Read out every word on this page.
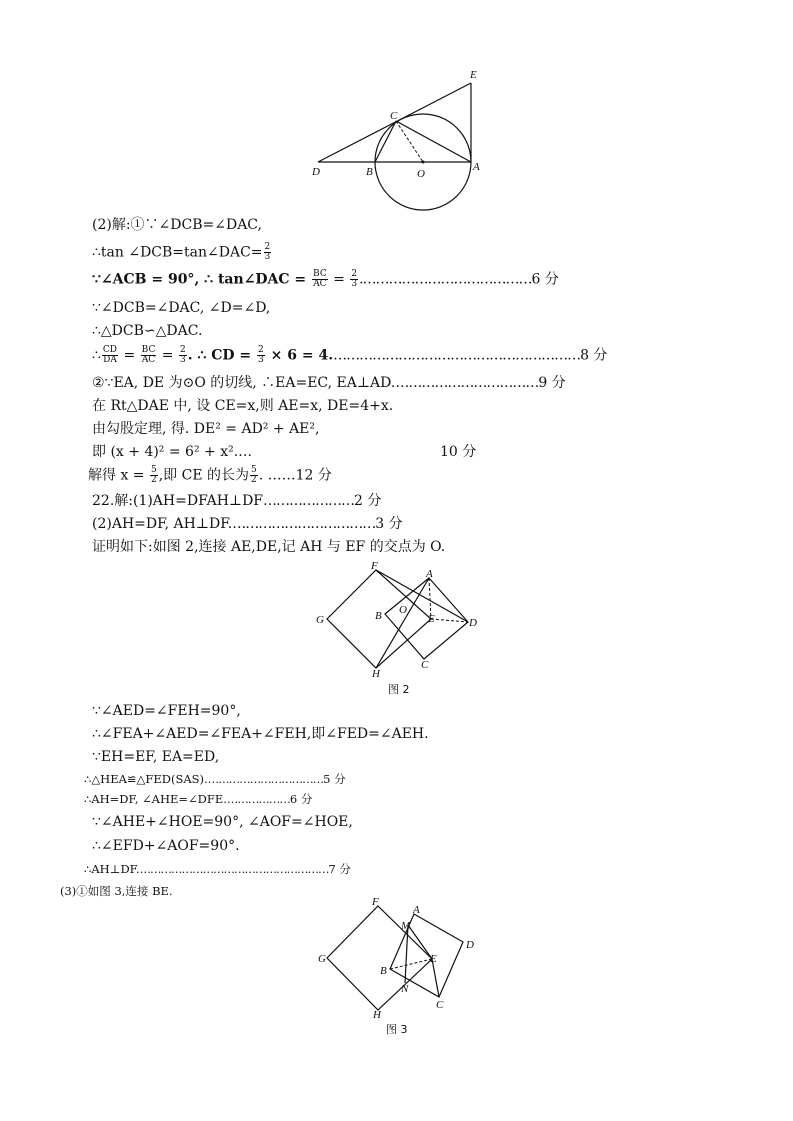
C
E
D	B	O
A
(2)解:①∵∠DCB=∠DAC,
∴tan ∠DCB=tan∠DAC= $\frac{2}{3}$
∵∠ACB = 90°, ∴ tan∠DAC = $\frac{BC}{AC} = \frac{2}{3}$ .…………………………………6 分
∵∠DCB=∠DAC, ∠D=∠D,
∴△DCB∽△DAC.
∴ $\frac{CD}{DA} = \frac{BC}{AC} = \frac{2}{3}$ . ∴ CD = $\frac{2}{3} \times 6$ = 4.…………………………………………………8 分
②∵EA, DE 为⊙O 的切线, ∴EA=EC, EA⊥AD.……………………………9 分
在 Rt△DAE 中, 设 CE=x,则 AE=x, DE=4+x.
由勾股定理, 得. DE² = AD² + AE²,
即 (x + 4)² = 6² + x².…	10 分
解得 $x = \frac{5}{2}$ ,即 CE 的长为 $\frac{5}{2}$ . ……12 分
22.解:(1)AH=DFAH⊥DF…………………2 分
(2)AH=DF, AH⊥DF.……………………………3 分
证明如下:如图 2,连接 AE,DE,记 AH 与 EF 的交点为 O.
F
A
G	B O
E	D
H
C
图 2
∵∠AED=∠FEH=90°,
∴∠FEA+∠AED=∠FEA+∠FEH,即∠FED=∠AEH.
∵EH=EF, EA=ED,
∴△HEA≌△FED(SAS).……………………………5 分
∴AH=DF, ∠AHE=∠DFE.………………6 分
∵∠AHE+∠HOE=90°, ∠AOF=∠HOE,
∴∠EFD+∠AOF=90°.
∴AH⊥DF.………………………………………………7 分
(3)①如图 3,连接 BE.
F
M
A
D
G
B
E
N
H
C
图 3
